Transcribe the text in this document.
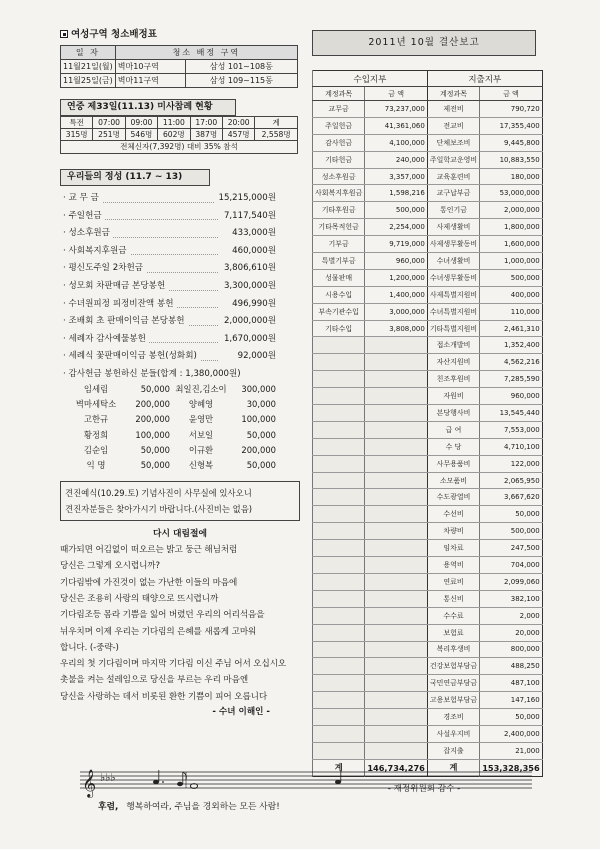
여성구역 청소배정표
일 자	청소 배정 구역	
11월21일(월)	벽마10구역	삼성 101~108동
11월25일(금)	벽마11구역	삼성 109~115동
연중 제33일(11.13) 미사참례 현황
특전	07:00	09:00	11:00	17:00	20:00	계
315명	251명	546명	602명	387명	457명	2,558명
전체신자(7,392명) 대비 35% 참석
우리들의 정성 (11.7 ~ 13)
· 교 무 금	15,215,000원
· 주일헌금	7,117,540원
· 성소후원금	433,000원
· 사회복지후원금	460,000원
· 평신도주일 2차헌금	3,806,610원
· 성모회 차판매금 본당봉헌	3,300,000원
· 수녀원피정 피정비잔액 봉헌	496,990원
· 조배회 초 판매이익금 본당봉헌	2,000,000원
· 세례자 감사예물봉헌	1,670,000원
· 세례식 꽃판매이익금 봉헌(성화회)	92,000원
· 감사헌금 봉헌하신 분들(합계 : 1,380,000원)
임세림	50,000 최일진,김소이	300,000
벽마세탁소	200,000	양혜영	30,000
고한규	200,000	윤영만	100,000
황정희	100,000	서보일	50,000
김순임	50,000	이규환	200,000
익 명	50,000	신형복	50,000
견진예식(10.29.토) 기념사진이 사무실에 있사오니
견진자분들은 찾아가시기 바랍니다.(사진비는 없음)
다시 대림절에
때가되면 어김없이 떠오르는 밝고 둥근 해님처럼
당신은 그렇게 오시렵니까?
기다림밖에 가진것이 없는 가난한 이들의 마음에
당신은 조용히 사랑의 태양으로 뜨시렵니까
기다림조등 몸라 기쁨을 잃어 버렸던 우리의 어리석음을
뉘우치며 이제 우리는 기다림의 은혜를 새롭게 고마워
합니다. (-중략-)
우리의 첫 기다림이며 마지막 기다림 이신 주님 어서 오십시오
촛불을 켜는 설레임으로 당신을 부르는 우리 마음엔
당신을 사랑하는 데서 비롯된 환한 기쁨이 피어 오릅니다
- 수녀 이해인 -
2011년 10월 결산보고
수입지부		지출지부	
계정과목	금 액	계정과목	금 액
교무금	73,237,000	제전비	790,720
주일헌금	41,361,060	전교비	17,355,400
감사헌금	4,100,000	단체보조비	9,445,800
기타헌금	240,000	주일학교운영비	10,883,550
성소후원금	3,357,000	교육훈련비	180,000
사회복지후원금	1,598,216	교구납부금	53,000,000
기타후원금	500,000	통인기금	2,000,000
기타목적헌금	2,254,000	사제생활비	1,800,000
기부금	9,719,000	사제생무활동비	1,600,000
특별기부금	960,000	수녀생활비	1,000,000
성물판매	1,200,000	수녀생무활동비	500,000
시용수입	1,400,000	사제특별지원비	400,000
부속기관수입	3,000,000	수녀특별지원비	110,000
기타수입	3,808,000	기타특별지원비	2,461,310
		접소개발비	1,352,400
		자산지원비	4,562,216
		친조후원비	7,285,590
		자원비	960,000
		본당행사비	13,545,440
		급 여	7,553,000
		수 당	4,710,100
		사무용품비	122,000
		소모품비	2,065,950
		수도광열비	3,667,620
		수선비	50,000
		차량비	500,000
		임차료	247,500
		용역비	704,000
		연료비	2,099,060
		통신비	382,100
		수수료	2,000
		보험료	20,000
		복리후생비	800,000
		건강보험부담금	488,250
		국민연금부담금	487,100
		고용보험부담금	147,160
		경조비	50,000
		사설우지비	2,400,000
		잡지출	21,000
계	146,734,276	계	153,328,356
- 재정위원회 감수 -
𝄞 ♭♭♭
후렴, 행복하여라, 주님을 경외하는 모든 사람!
